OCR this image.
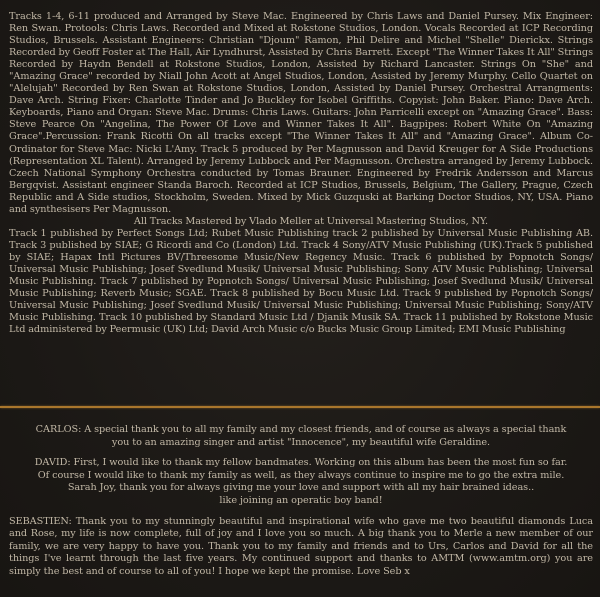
Tracks 1-4, 6-11 produced and Arranged by Steve Mac. Engineered by Chris Laws and Daniel Pursey. Mix Engineer: Ren Swan. Protools: Chris Laws. Recorded and Mixed at Rokstone Studios, London. Vocals Recorded at ICP Recording Studios, Brussels. Assistant Engineers: Christian "Djoum" Ramon, Phil Delire and Michel "Shelle" Dierickx. Strings Recorded by Geoff Foster at The Hall, Air Lyndhurst, Assisted by Chris Barrett. Except "The Winner Takes It All" Strings Recorded by Haydn Bendell at Rokstone Studios, London, Assisted by Richard Lancaster. Strings On "She" and "Amazing Grace" recorded by Niall John Acott at Angel Studios, London, Assisted by Jeremy Murphy. Cello Quartet on "Alelujah" Recorded by Ren Swan at Rokstone Studios, London, Assisted by Daniel Pursey. Orchestral Arrangments: Dave Arch. String Fixer: Charlotte Tinder and Jo Buckley for Isobel Griffiths. Copyist: John Baker. Piano: Dave Arch. Keyboards, Piano and Organ: Steve Mac. Drums: Chris Laws. Guitars: John Parricelli except on "Amazing Grace". Bass: Steve Pearce On "Angelina, The Power Of Love and Winner Takes It All". Bagpipes: Robert White On "Amazing Grace".Percussion: Frank Ricotti On all tracks except "The Winner Takes It All" and "Amazing Grace". Album Co-Ordinator for Steve Mac: Nicki L'Amy. Track 5 produced by Per Magnusson and David Kreuger for A Side Productions (Representation XL Talent). Arranged by Jeremy Lubbock and Per Magnusson. Orchestra arranged by Jeremy Lubbock. Czech National Symphony Orchestra conducted by Tomas Brauner. Engineered by Fredrik Andersson and Marcus Bergqvist. Assistant engineer Standa Baroch. Recorded at ICP Studios, Brussels, Belgium, The Gallery, Prague, Czech Republic and A Side studios, Stockholm, Sweden. Mixed by Mick Guzquski at Barking Doctor Studios, NY, USA. Piano and synthesisers Per Magnusson.

All Tracks Mastered by Vlado Meller at Universal Mastering Studios, NY.

Track 1 published by Perfect Songs Ltd; Rubet Music Publishing track 2 published by Universal Music Publishing AB. Track 3 published by SIAE; G Ricordi and Co (London) Ltd. Track 4 Sony/ATV Music Publishing (UK).Track 5 published by SIAE; Hapax Intl Pictures BV/Threesome Music/New Regency Music. Track 6 published by Popnotch Songs/ Universal Music Publishing; Josef Svedlund Musik/ Universal Music Publishing; Sony ATV Music Publishing; Universal Music Publishing. Track 7 published by Popnotch Songs/ Universal Music Publishing; Josef Svedlund Musik/ Universal Music Publishing; Reverb Music; SGAE. Track 8 published by Bocu Music Ltd. Track 9 published by Popnotch Songs/ Universal Music Publishing; Josef Svedlund Musik/ Universal Music Publishing; Universal Music Publishing; Sony/ATV Music Publishing. Track 10 published by Standard Music Ltd / Djanik Musik SA. Track 11 published by Rokstone Music Ltd administered by Peermusic (UK) Ltd; David Arch Music c/o Bucks Music Group Limited; EMI Music Publishing

CARLOS: A special thank you to all my family and my closest friends, and of course as always a special thank

you to an amazing singer and artist "Innocence", my beautiful wife Geraldine.

DAVID: First, I would like to thank my fellow bandmates. Working on this album has been the most fun so far.

Of course I would like to thank my family as well, as they always continue to inspire me to go the extra mile.

Sarah Joy, thank you for always giving me your love and support with all my hair brained ideas..

like joining an operatic boy band!

SEBASTIEN: Thank you to my stunningly beautiful and inspirational wife who gave me two beautiful diamonds Luca and Rose, my life is now complete, full of joy and I love you so much. A big thank you to Merle a new member of our family, we are very happy to have you. Thank you to my family and friends and to Urs, Carlos and David for all the things I've learnt through the last five years. My continued support and thanks to AMTM (www.amtm.org) you are simply the best and of course to all of you! I hope we kept the promise. Love Seb x
